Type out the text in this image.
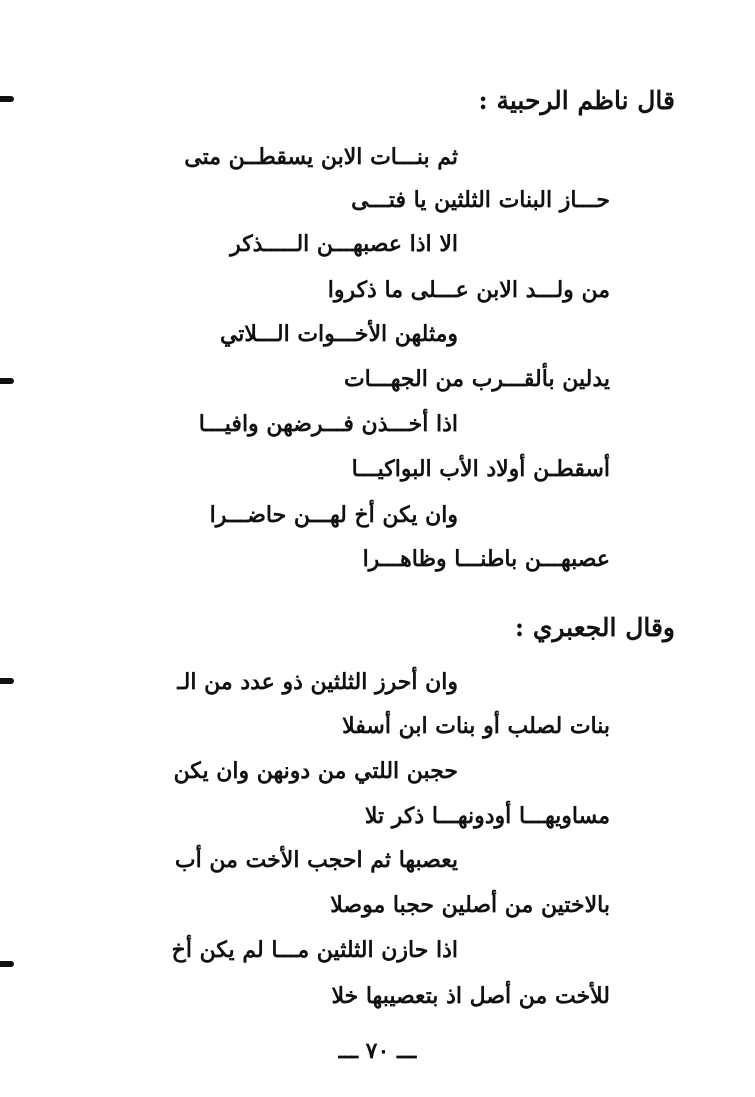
قال ناظم الرحبية :
ثم بنـــات الابن يسقطــن متى
حـــاز البنات الثلثين يا فتـــى
الا اذا عصبهـــن الـــــذكر
من ولـــد الابن عـــلى ما ذكروا
ومثلهن الأخـــوات الـــلاتي
يدلين بألقـــرب من الجهـــات
اذا أخـــذن فـــرضهن وافيـــا
أسقطـن أولاد الأب البواكيـــا
وان يكن أخ لهـــن حاضـــرا
عصبهـــن باطنـــا وظاهـــرا
وقال الجعبري :
وان أحرز الثلثين ذو عدد من الـ
بنات لصلب أو بنات ابن أسفلا
حجبن اللتي من دونهن وان يكن
مساويهـــا أودونهـــا ذكر تلا
يعصبها ثم احجب الأخت من أب
بالاختين من أصلين حجبا موصلا
اذا حازن الثلثين مـــا لم يكن أخ
للأخت من أصل اذ بتعصيبها خلا
ـــ ٧٠ ـــ
